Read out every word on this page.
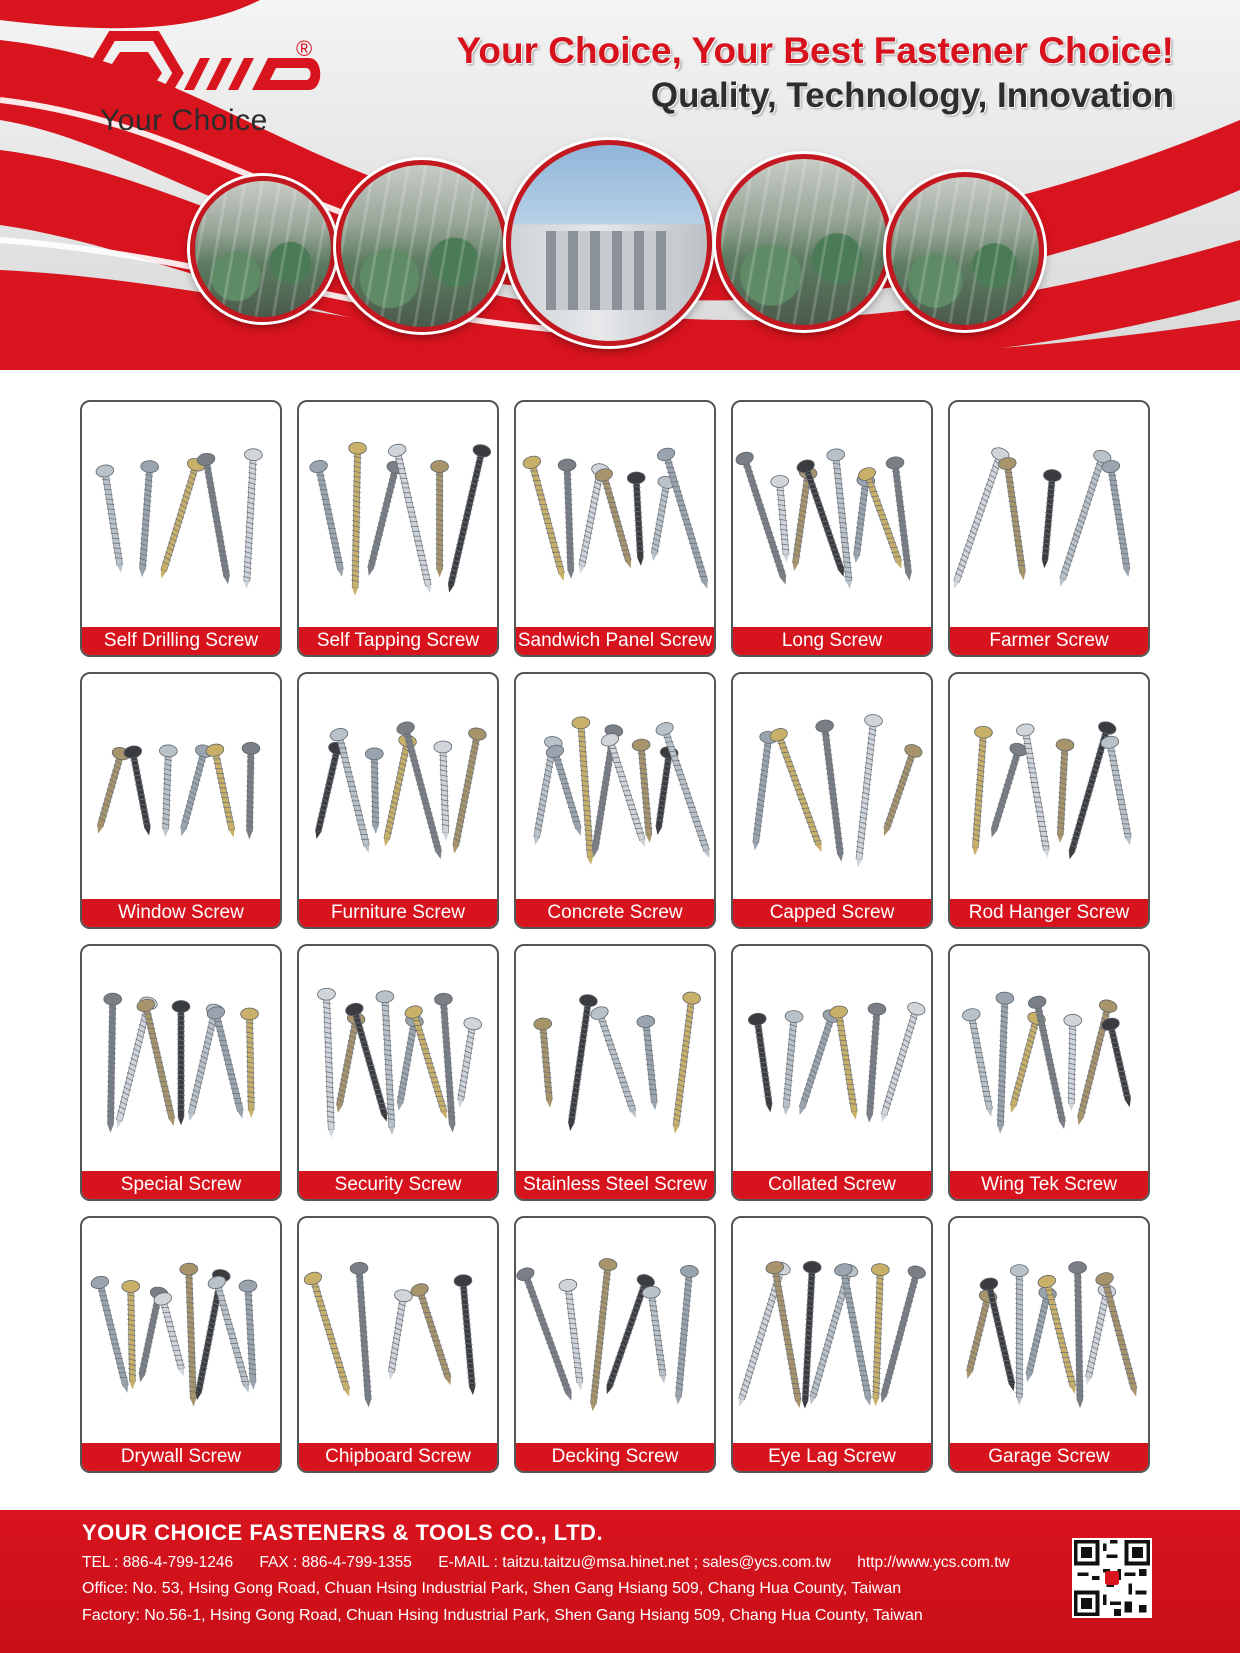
®
Your Choice
Your Choice, Your Best Fastener Choice!
Quality, Technology, Innovation
Self Drilling Screw	Self Tapping Screw	Sandwich Panel Screw	Long Screw	Farmer Screw
Window Screw	Furniture Screw	Concrete Screw	Capped Screw	Rod Hanger Screw
Special Screw	Security Screw	Stainless Steel Screw	Collated Screw	Wing Tek Screw
Drywall Screw	Chipboard Screw	Decking Screw	Eye Lag Screw	Garage Screw
YOUR CHOICE FASTENERS & TOOLS CO., LTD.
TEL : 886-4-799-1246 FAX : 886-4-799-1355 E-MAIL : taitzu.taitzu@msa.hinet.net ; sales@ycs.com.tw http://www.ycs.com.tw
Office: No. 53, Hsing Gong Road, Chuan Hsing Industrial Park, Shen Gang Hsiang 509, Chang Hua County, Taiwan
Factory: No.56-1, Hsing Gong Road, Chuan Hsing Industrial Park, Shen Gang Hsiang 509, Chang Hua County, Taiwan
